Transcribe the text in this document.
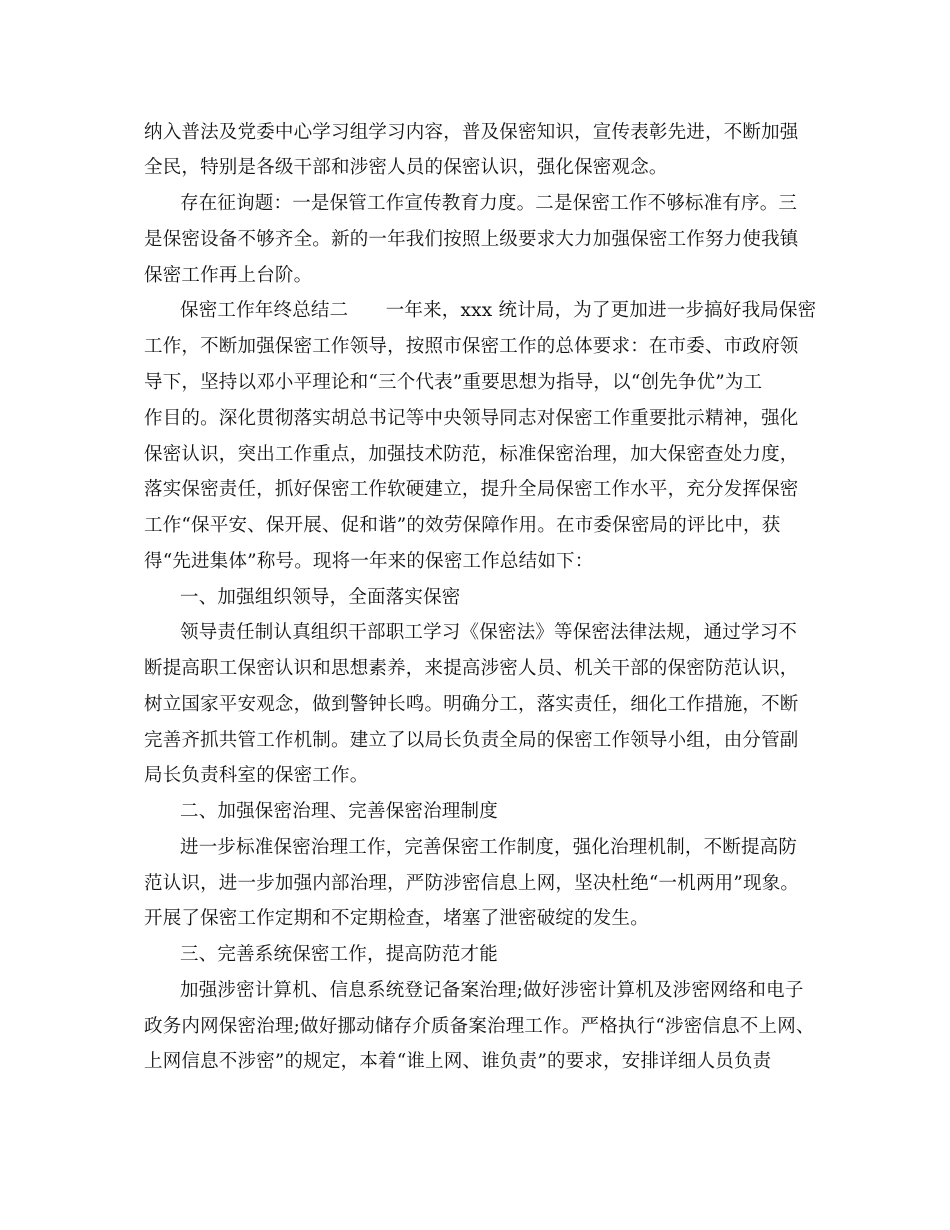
纳入普法及党委中心学习组学习内容，普及保密知识，宣传表彰先进，不断加强
全民，特别是各级干部和涉密人员的保密认识，强化保密观念。
存在征询题：一是保管工作宣传教育力度。二是保密工作不够标准有序。三
是保密设备不够齐全。新的一年我们按照上级要求大力加强保密工作努力使我镇
保密工作再上台阶。
保密工作年终总结二　　一年来，xxx 统计局，为了更加进一步搞好我局保密
工作，不断加强保密工作领导，按照市保密工作的总体要求：在市委、市政府领
导下，坚持以邓小平理论和“三个代表”重要思想为指导，以“创先争优”为工
作目的。深化贯彻落实胡总书记等中央领导同志对保密工作重要批示精神，强化
保密认识，突出工作重点，加强技术防范，标准保密治理，加大保密查处力度，
落实保密责任，抓好保密工作软硬建立，提升全局保密工作水平，充分发挥保密
工作“保平安、保开展、促和谐”的效劳保障作用。在市委保密局的评比中，获
得“先进集体”称号。现将一年来的保密工作总结如下：
一、加强组织领导，全面落实保密
领导责任制认真组织干部职工学习《保密法》等保密法律法规，通过学习不
断提高职工保密认识和思想素养，来提高涉密人员、机关干部的保密防范认识，
树立国家平安观念，做到警钟长鸣。明确分工，落实责任，细化工作措施，不断
完善齐抓共管工作机制。建立了以局长负责全局的保密工作领导小组，由分管副
局长负责科室的保密工作。
二、加强保密治理、完善保密治理制度
进一步标准保密治理工作，完善保密工作制度，强化治理机制，不断提高防
范认识，进一步加强内部治理，严防涉密信息上网，坚决杜绝“一机两用”现象。
开展了保密工作定期和不定期检查，堵塞了泄密破绽的发生。
三、完善系统保密工作，提高防范才能
加强涉密计算机、信息系统登记备案治理;做好涉密计算机及涉密网络和电子
政务内网保密治理;做好挪动储存介质备案治理工作。严格执行“涉密信息不上网、
上网信息不涉密”的规定，本着“谁上网、谁负责”的要求，安排详细人员负责
